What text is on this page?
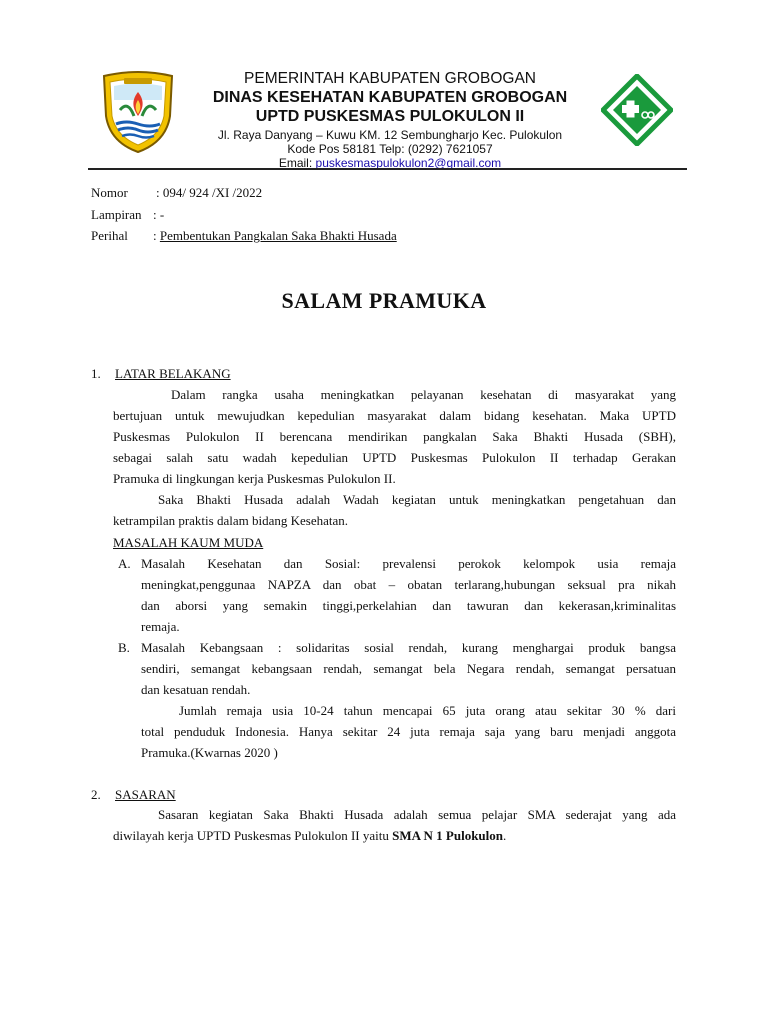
PEMERINTAH KABUPATEN GROBOGAN
DINAS KESEHATAN KABUPATEN GROBOGAN
UPTD PUSKESMAS PULOKULON II
Jl. Raya Danyang – Kuwu KM. 12 Sembungharjo Kec. Pulokulon
Kode Pos 58181 Telp: (0292) 7621057
Email: puskesmaspulokulon2@gmail.com
Nomor : 094/ 924 /XI /2022
Lampiran : -
Perihal : Pembentukan Pangkalan Saka Bhakti Husada
SALAM PRAMUKA
1. LATAR BELAKANG
Dalam rangka usaha meningkatkan pelayanan kesehatan di masyarakat yang
bertujuan untuk mewujudkan kepedulian masyarakat dalam bidang kesehatan. Maka UPTD
Puskesmas Pulokulon II berencana mendirikan pangkalan Saka Bhakti Husada (SBH),
sebagai salah satu wadah kepedulian UPTD Puskesmas Pulokulon II terhadap Gerakan
Pramuka di lingkungan kerja Puskesmas Pulokulon II.
Saka Bhakti Husada adalah Wadah kegiatan untuk meningkatkan pengetahuan dan
ketrampilan praktis dalam bidang Kesehatan.
MASALAH KAUM MUDA
A. Masalah Kesehatan dan Sosial: prevalensi perokok kelompok usia remaja
meningkat,penggunaa NAPZA dan obat – obatan terlarang,hubungan seksual pra nikah
dan aborsi yang semakin tinggi,perkelahian dan tawuran dan kekerasan,kriminalitas
remaja.
B. Masalah Kebangsaan : solidaritas sosial rendah, kurang menghargai produk bangsa
sendiri, semangat kebangsaan rendah, semangat bela Negara rendah, semangat persatuan
dan kesatuan rendah.
Jumlah remaja usia 10-24 tahun mencapai 65 juta orang atau sekitar 30 % dari
total penduduk Indonesia. Hanya sekitar 24 juta remaja saja yang baru menjadi anggota
Pramuka.(Kwarnas 2020 )
2. SASARAN
Sasaran kegiatan Saka Bhakti Husada adalah semua pelajar SMA sederajat yang ada
diwilayah kerja UPTD Puskesmas Pulokulon II yaitu SMA N 1 Pulokulon.
